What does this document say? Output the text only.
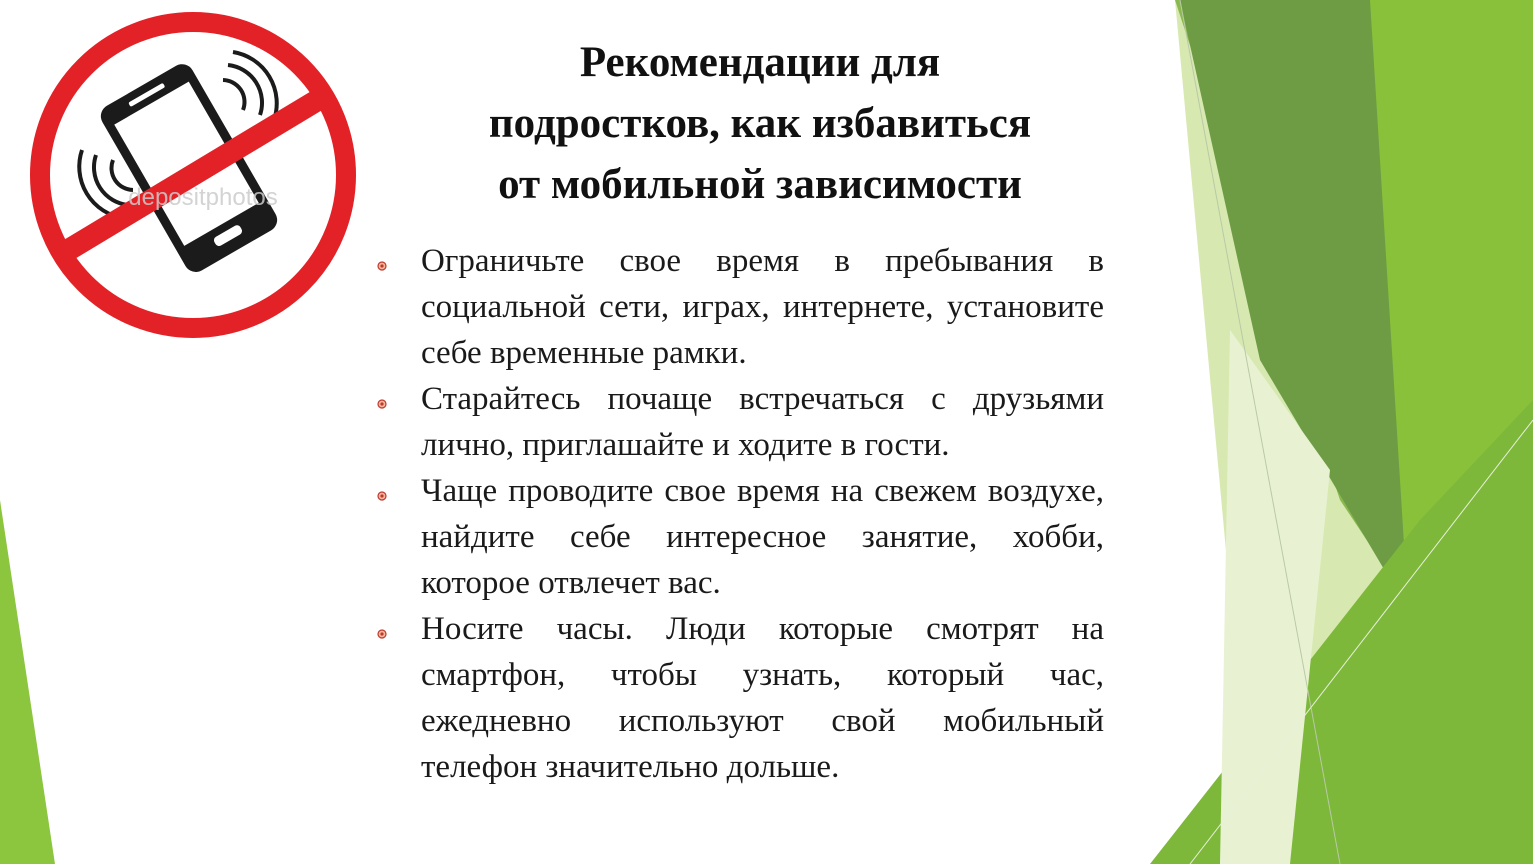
depositphotos
Рекомендации для
подростков, как избавиться
от мобильной зависимости
Ограничьте свое время в пребывания в социальной сети, играх, интернете, установите себе временные рамки.
Старайтесь почаще встречаться с друзьями лично, приглашайте и ходите в гости.
Чаще проводите свое время на свежем воздухе, найдите себе интересное занятие, хобби, которое отвлечет вас.
Носите часы. Люди которые смотрят на смартфон, чтобы узнать, который час, ежедневно используют свой мобильный телефон значительно дольше.
